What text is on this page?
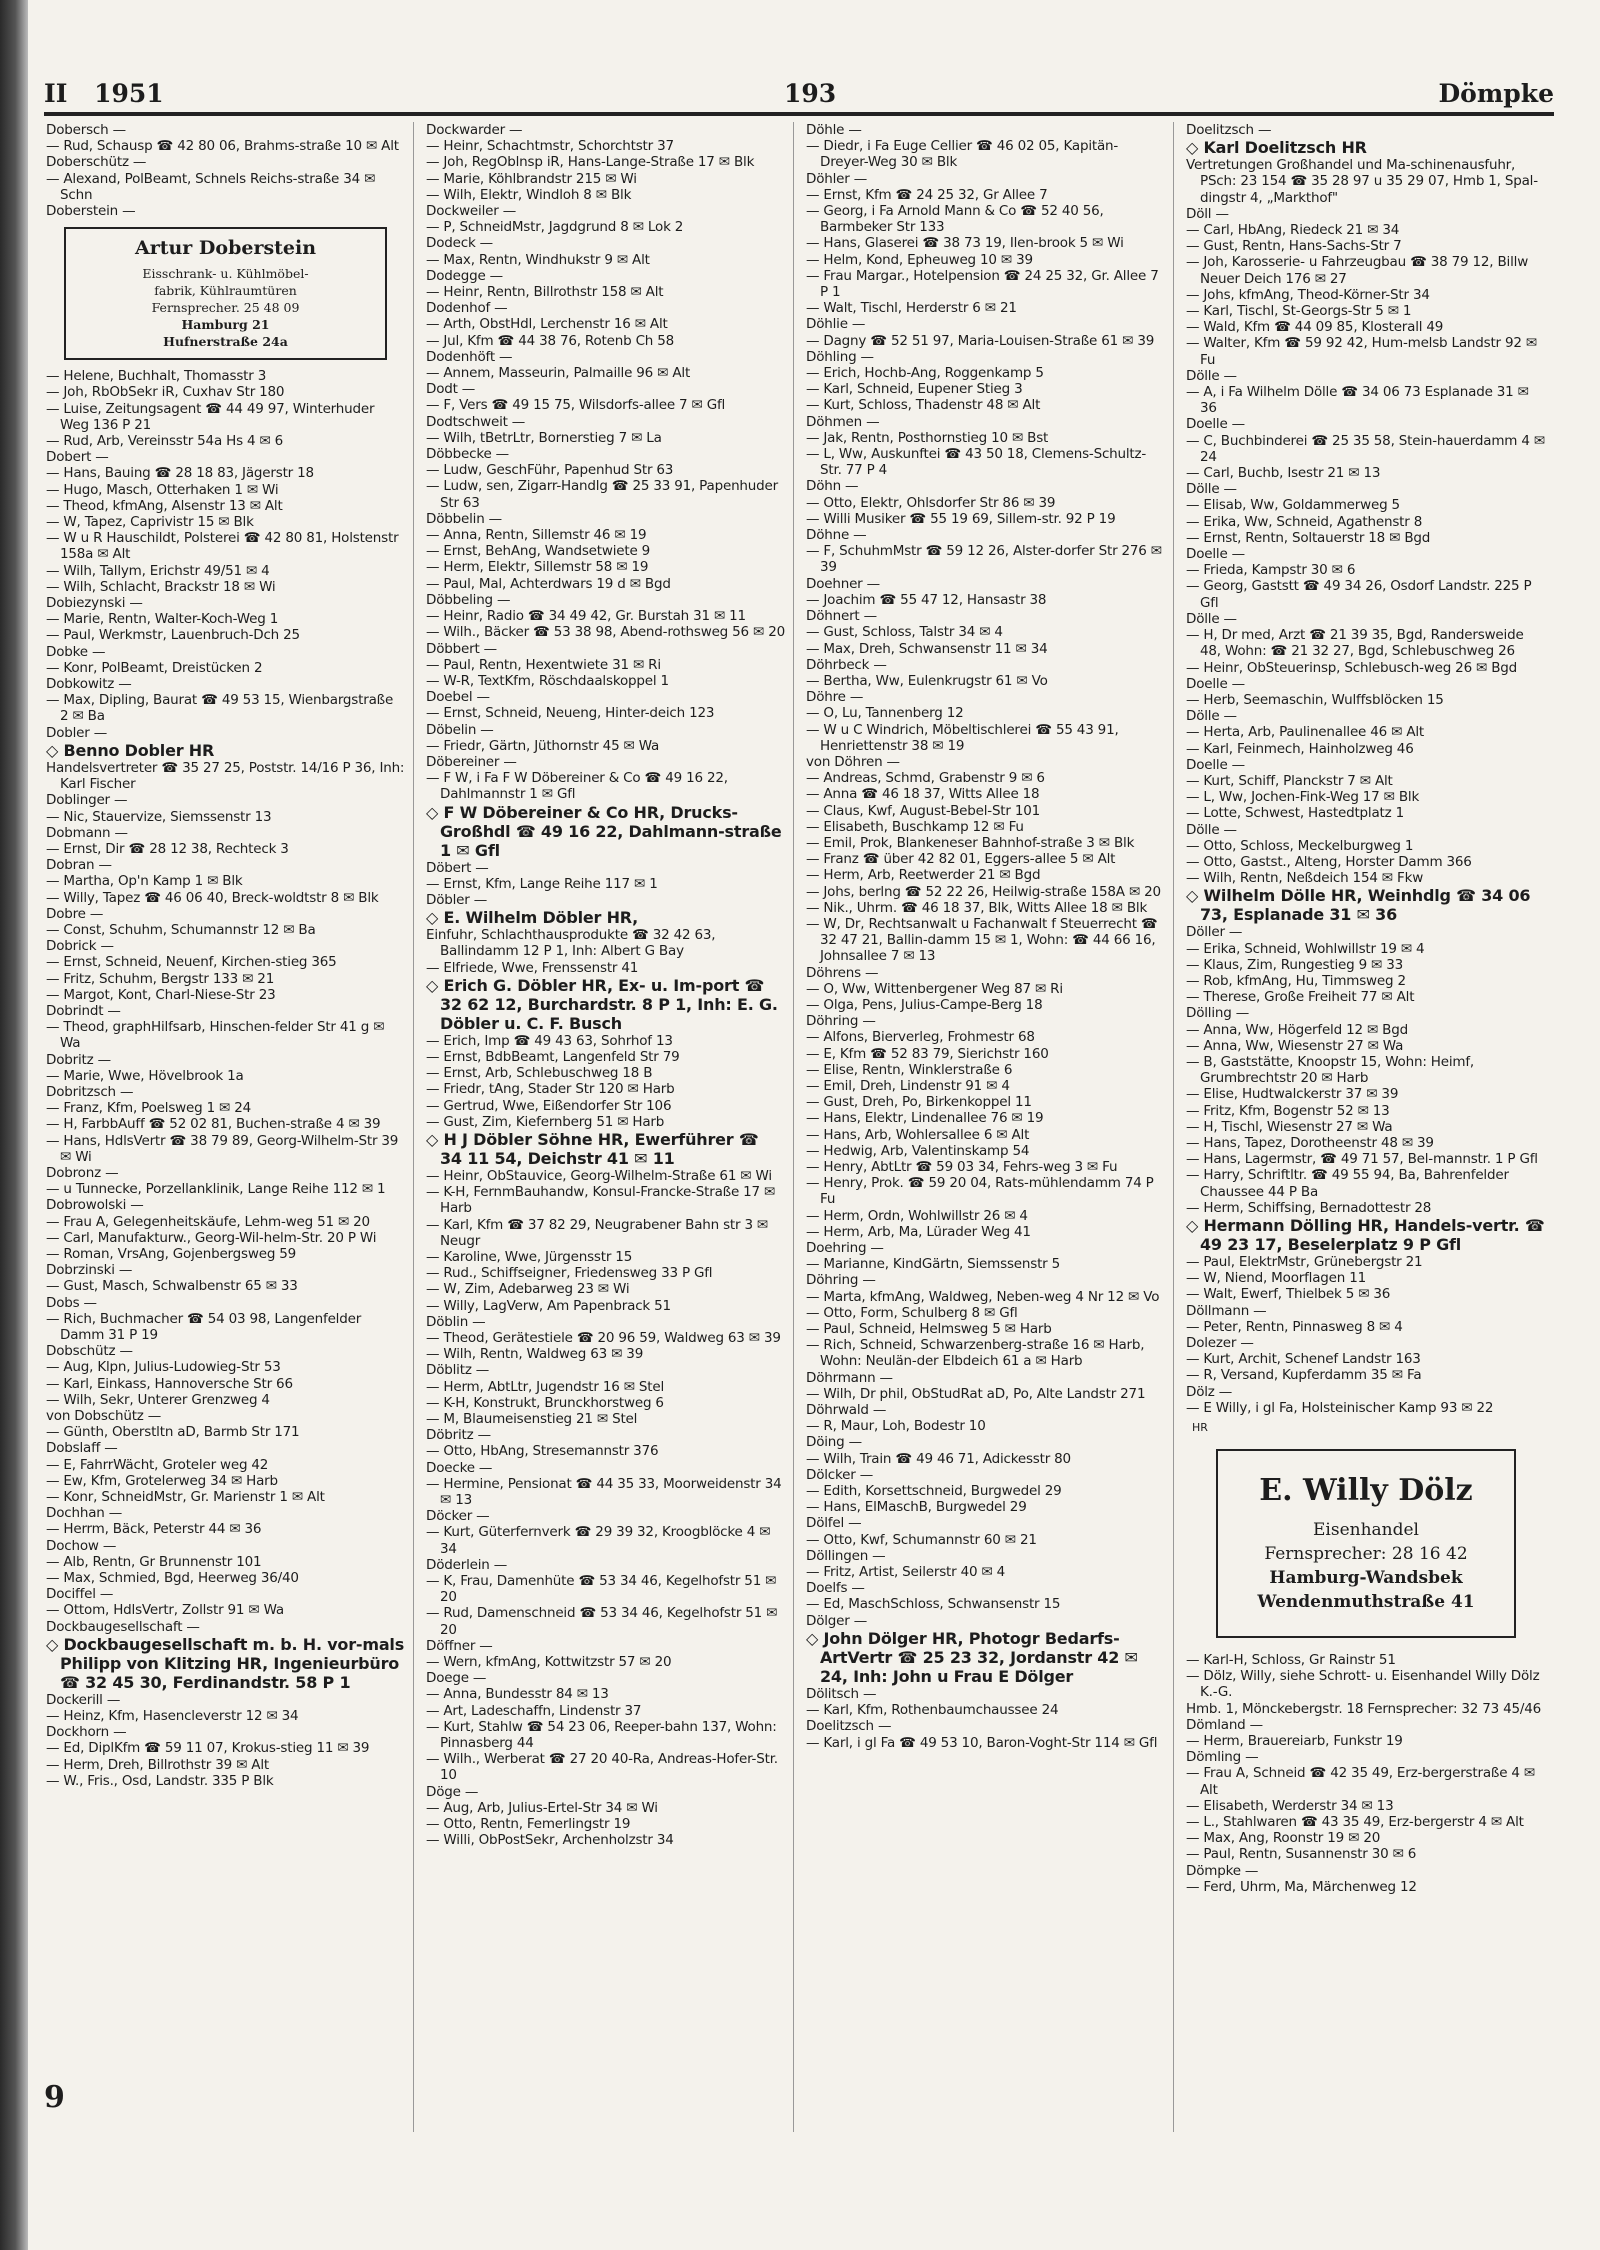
II 1951	193	Dömpke
Dobersch —
— Rud, Schausp ☎ 42 80 06, Brahms-straße 10 ✉ Alt
Doberschütz —
— Alexand, PolBeamt, Schnels Reichs-straße 34 ✉ Schn
Doberstein —
Artur Doberstein
Eisschrank- u. Kühlmöbel-
fabrik, Kühlraumtüren
Fernsprecher. 25 48 09
Hamburg 21
Hufnerstraße 24a
— Helene, Buchhalt, Thomasstr 3
— Joh, RbObSekr iR, Cuxhav Str 180
— Luise, Zeitungsagent ☎ 44 49 97, Winterhuder Weg 136 P 21
— Rud, Arb, Vereinsstr 54a Hs 4 ✉ 6
Dobert —
— Hans, Bauing ☎ 28 18 83, Jägerstr 18
— Hugo, Masch, Otterhaken 1 ✉ Wi
— Theod, kfmAng, Alsenstr 13 ✉ Alt
— W, Tapez, Caprivistr 15 ✉ Blk
— W u R Hauschildt, Polsterei ☎ 42 80 81, Holstenstr 158a ✉ Alt
— Wilh, Tallym, Erichstr 49/51 ✉ 4
— Wilh, Schlacht, Brackstr 18 ✉ Wi
Dobiezynski —
— Marie, Rentn, Walter-Koch-Weg 1
— Paul, Werkmstr, Lauenbruch-Dch 25
Dobke —
— Konr, PolBeamt, Dreistücken 2
Dobkowitz —
— Max, Dipling, Baurat ☎ 49 53 15, Wienbargstraße 2 ✉ Ba
Dobler —
◇ Benno Dobler HR
Handelsvertreter ☎ 35 27 25, Poststr. 14/16 P 36, Inh: Karl Fischer
Doblinger —
— Nic, Stauervize, Siemssenstr 13
Dobmann —
— Ernst, Dir ☎ 28 12 38, Rechteck 3
Dobran —
— Martha, Op'n Kamp 1 ✉ Blk
— Willy, Tapez ☎ 46 06 40, Breck-woldtstr 8 ✉ Blk
Dobre —
— Const, Schuhm, Schumannstr 12 ✉ Ba
Dobrick —
— Ernst, Schneid, Neuenf, Kirchen-stieg 365
— Fritz, Schuhm, Bergstr 133 ✉ 21
— Margot, Kont, Charl-Niese-Str 23
Dobrindt —
— Theod, graphHilfsarb, Hinschen-felder Str 41 g ✉ Wa
Dobritz —
— Marie, Wwe, Hövelbrook 1a
Dobritzsch —
— Franz, Kfm, Poelsweg 1 ✉ 24
— H, FarbbAuff ☎ 52 02 81, Buchen-straße 4 ✉ 39
— Hans, HdlsVertr ☎ 38 79 89, Georg-Wilhelm-Str 39 ✉ Wi
Dobronz —
— u Tunnecke, Porzellanklinik, Lange Reihe 112 ✉ 1
Dobrowolski —
— Frau A, Gelegenheitskäufe, Lehm-weg 51 ✉ 20
— Carl, Manufakturw., Georg-Wil-helm-Str. 20 P Wi
— Roman, VrsAng, Gojenbergsweg 59
Dobrzinski —
— Gust, Masch, Schwalbenstr 65 ✉ 33
Dobs —
— Rich, Buchmacher ☎ 54 03 98, Langenfelder Damm 31 P 19
Dobschütz —
— Aug, Klpn, Julius-Ludowieg-Str 53
— Karl, Einkass, Hannoversche Str 66
— Wilh, Sekr, Unterer Grenzweg 4
von Dobschütz —
— Günth, Oberstltn aD, Barmb Str 171
Dobslaff —
— E, FahrrWächt, Groteler weg 42
— Ew, Kfm, Grotelerweg 34 ✉ Harb
— Konr, SchneidMstr, Gr. Marienstr 1 ✉ Alt
Dochhan —
— Herrm, Bäck, Peterstr 44 ✉ 36
Dochow —
— Alb, Rentn, Gr Brunnenstr 101
— Max, Schmied, Bgd, Heerweg 36/40
Dociffel —
— Ottom, HdlsVertr, Zollstr 91 ✉ Wa
Dockbaugesellschaft —
◇ Dockbaugesellschaft m. b. H. vor-mals Philipp von Klitzing HR, Ingenieurbüro ☎ 32 45 30, Ferdinandstr. 58 P 1
Dockerill —
— Heinz, Kfm, Hasencleverstr 12 ✉ 34
Dockhorn —
— Ed, DiplKfm ☎ 59 11 07, Krokus-stieg 11 ✉ 39
— Herm, Dreh, Billrothstr 39 ✉ Alt
— W., Fris., Osd, Landstr. 335 P Blk
Dockwarder —
— Heinr, Schachtmstr, Schorchtstr 37
— Joh, RegOblnsp iR, Hans-Lange-Straße 17 ✉ Blk
— Marie, Köhlbrandstr 215 ✉ Wi
— Wilh, Elektr, Windloh 8 ✉ Blk
Dockweiler —
— P, SchneidMstr, Jagdgrund 8 ✉ Lok 2
Dodeck —
— Max, Rentn, Windhukstr 9 ✉ Alt
Dodegge —
— Heinr, Rentn, Billrothstr 158 ✉ Alt
Dodenhof —
— Arth, ObstHdl, Lerchenstr 16 ✉ Alt
— Jul, Kfm ☎ 44 38 76, Rotenb Ch 58
Dodenhöft —
— Annem, Masseurin, Palmaille 96 ✉ Alt
Dodt —
— F, Vers ☎ 49 15 75, Wilsdorfs-allee 7 ✉ Gfl
Dodtschweit —
— Wilh, tBetrLtr, Bornerstieg 7 ✉ La
Döbbecke —
— Ludw, GeschFühr, Papenhud Str 63
— Ludw, sen, Zigarr-Handlg ☎ 25 33 91, Papenhuder Str 63
Döbbelin —
— Anna, Rentn, Sillemstr 46 ✉ 19
— Ernst, BehAng, Wandsetwiete 9
— Herm, Elektr, Sillemstr 58 ✉ 19
— Paul, Mal, Achterdwars 19 d ✉ Bgd
Döbbeling —
— Heinr, Radio ☎ 34 49 42, Gr. Burstah 31 ✉ 11
— Wilh., Bäcker ☎ 53 38 98, Abend-rothsweg 56 ✉ 20
Döbbert —
— Paul, Rentn, Hexentwiete 31 ✉ Ri
— W-R, TextKfm, Röschdaalskoppel 1
Doebel —
— Ernst, Schneid, Neueng, Hinter-deich 123
Döbelin —
— Friedr, Gärtn, Jüthornstr 45 ✉ Wa
Döbereiner —
— F W, i Fa F W Döbereiner & Co ☎ 49 16 22, Dahlmannstr 1 ✉ Gfl
◇ F W Döbereiner & Co HR, Drucks-Großhdl ☎ 49 16 22, Dahlmann-straße 1 ✉ Gfl
Döbert —
— Ernst, Kfm, Lange Reihe 117 ✉ 1
Döbler —
◇ E. Wilhelm Döbler HR,
Einfuhr, Schlachthausprodukte ☎ 32 42 63, Ballindamm 12 P 1, Inh: Albert G Bay
— Elfriede, Wwe, Frenssenstr 41
◇ Erich G. Döbler HR, Ex- u. Im-port ☎ 32 62 12, Burchardstr. 8 P 1, Inh: E. G. Döbler u. C. F. Busch
— Erich, Imp ☎ 49 43 63, Sohrhof 13
— Ernst, BdbBeamt, Langenfeld Str 79
— Ernst, Arb, Schlebuschweg 18 B
— Friedr, tAng, Stader Str 120 ✉ Harb
— Gertrud, Wwe, Eißendorfer Str 106
— Gust, Zim, Kiefernberg 51 ✉ Harb
◇ H J Döbler Söhne HR, Ewerführer ☎ 34 11 54, Deichstr 41 ✉ 11
— Heinr, ObStauvice, Georg-Wilhelm-Straße 61 ✉ Wi
— K-H, FernmBauhandw, Konsul-Francke-Straße 17 ✉ Harb
— Karl, Kfm ☎ 37 82 29, Neugrabener Bahn str 3 ✉ Neugr
— Karoline, Wwe, Jürgensstr 15
— Rud., Schiffseigner, Friedensweg 33 P Gfl
— W, Zim, Adebarweg 23 ✉ Wi
— Willy, LagVerw, Am Papenbrack 51
Döblin —
— Theod, Gerätestiele ☎ 20 96 59, Waldweg 63 ✉ 39
— Wilh, Rentn, Waldweg 63 ✉ 39
Döblitz —
— Herm, AbtLtr, Jugendstr 16 ✉ Stel
— K-H, Konstrukt, Brunckhorstweg 6
— M, Blaumeisenstieg 21 ✉ Stel
Döbritz —
— Otto, HbAng, Stresemannstr 376
Doecke —
— Hermine, Pensionat ☎ 44 35 33, Moorweidenstr 34 ✉ 13
Döcker —
— Kurt, Güterfernverk ☎ 29 39 32, Kroogblöcke 4 ✉ 34
Döderlein —
— K, Frau, Damenhüte ☎ 53 34 46, Kegelhofstr 51 ✉ 20
— Rud, Damenschneid ☎ 53 34 46, Kegelhofstr 51 ✉ 20
Döffner —
— Wern, kfmAng, Kottwitzstr 57 ✉ 20
Doege —
— Anna, Bundesstr 84 ✉ 13
— Art, Ladeschaffn, Lindenstr 37
— Kurt, Stahlw ☎ 54 23 06, Reeper-bahn 137, Wohn: Pinnasberg 44
— Wilh., Werberat ☎ 27 20 40-Ra, Andreas-Hofer-Str. 10
Döge —
— Aug, Arb, Julius-Ertel-Str 34 ✉ Wi
— Otto, Rentn, Femerlingstr 19
— Willi, ObPostSekr, Archenholzstr 34
Döhle —
— Diedr, i Fa Euge Cellier ☎ 46 02 05, Kapitän-Dreyer-Weg 30 ✉ Blk
Döhler —
— Ernst, Kfm ☎ 24 25 32, Gr Allee 7
— Georg, i Fa Arnold Mann & Co ☎ 52 40 56, Barmbeker Str 133
— Hans, Glaserei ☎ 38 73 19, Ilen-brook 5 ✉ Wi
— Helm, Kond, Epheuweg 10 ✉ 39
— Frau Margar., Hotelpension ☎ 24 25 32, Gr. Allee 7 P 1
— Walt, Tischl, Herderstr 6 ✉ 21
Döhlie —
— Dagny ☎ 52 51 97, Maria-Louisen-Straße 61 ✉ 39
Döhling —
— Erich, Hochb-Ang, Roggenkamp 5
— Karl, Schneid, Eupener Stieg 3
— Kurt, Schloss, Thadenstr 48 ✉ Alt
Döhmen —
— Jak, Rentn, Posthornstieg 10 ✉ Bst
— L, Ww, Auskunftei ☎ 43 50 18, Clemens-Schultz-Str. 77 P 4
Döhn —
— Otto, Elektr, Ohlsdorfer Str 86 ✉ 39
— Willi Musiker ☎ 55 19 69, Sillem-str. 92 P 19
Döhne —
— F, SchuhmMstr ☎ 59 12 26, Alster-dorfer Str 276 ✉ 39
Doehner —
— Joachim ☎ 55 47 12, Hansastr 38
Döhnert —
— Gust, Schloss, Talstr 34 ✉ 4
— Max, Dreh, Schwansenstr 11 ✉ 34
Döhrbeck —
— Bertha, Ww, Eulenkrugstr 61 ✉ Vo
Döhre —
— O, Lu, Tannenberg 12
— W u C Windrich, Möbeltischlerei ☎ 55 43 91, Henriettenstr 38 ✉ 19
von Döhren —
— Andreas, Schmd, Grabenstr 9 ✉ 6
— Anna ☎ 46 18 37, Witts Allee 18
— Claus, Kwf, August-Bebel-Str 101
— Elisabeth, Buschkamp 12 ✉ Fu
— Emil, Prok, Blankeneser Bahnhof-straße 3 ✉ Blk
— Franz ☎ über 42 82 01, Eggers-allee 5 ✉ Alt
— Herm, Arb, Reetwerder 21 ✉ Bgd
— Johs, berlng ☎ 52 22 26, Heilwig-straße 158A ✉ 20
— Nik., Uhrm. ☎ 46 18 37, Blk, Witts Allee 18 ✉ Blk
— W, Dr, Rechtsanwalt u Fachanwalt f Steuerrecht ☎ 32 47 21, Ballin-damm 15 ✉ 1, Wohn: ☎ 44 66 16, Johnsallee 7 ✉ 13
Döhrens —
— O, Ww, Wittenbergener Weg 87 ✉ Ri
— Olga, Pens, Julius-Campe-Berg 18
Döhring —
— Alfons, Bierverleg, Frohmestr 68
— E, Kfm ☎ 52 83 79, Sierichstr 160
— Elise, Rentn, Winklerstraße 6
— Emil, Dreh, Lindenstr 91 ✉ 4
— Gust, Dreh, Po, Birkenkoppel 11
— Hans, Elektr, Lindenallee 76 ✉ 19
— Hans, Arb, Wohlersallee 6 ✉ Alt
— Hedwig, Arb, Valentinskamp 54
— Henry, AbtLtr ☎ 59 03 34, Fehrs-weg 3 ✉ Fu
— Henry, Prok. ☎ 59 20 04, Rats-mühlendamm 74 P Fu
— Herm, Ordn, Wohlwillstr 26 ✉ 4
— Herm, Arb, Ma, Lürader Weg 41
Doehring —
— Marianne, KindGärtn, Siemssenstr 5
Döhring —
— Marta, kfmAng, Waldweg, Neben-weg 4 Nr 12 ✉ Vo
— Otto, Form, Schulberg 8 ✉ Gfl
— Paul, Schneid, Helmsweg 5 ✉ Harb
— Rich, Schneid, Schwarzenberg-straße 16 ✉ Harb, Wohn: Neulän-der Elbdeich 61 a ✉ Harb
Döhrmann —
— Wilh, Dr phil, ObStudRat aD, Po, Alte Landstr 271
Döhrwald —
— R, Maur, Loh, Bodestr 10
Döing —
— Wilh, Train ☎ 49 46 71, Adickesstr 80
Dölcker —
— Edith, Korsettschneid, Burgwedel 29
— Hans, ElMaschB, Burgwedel 29
Dölfel —
— Otto, Kwf, Schumannstr 60 ✉ 21
Döllingen —
— Fritz, Artist, Seilerstr 40 ✉ 4
Doelfs —
— Ed, MaschSchloss, Schwansenstr 15
Dölger —
◇ John Dölger HR, Photogr Bedarfs-ArtVertr ☎ 25 23 32, Jordanstr 42 ✉ 24, Inh: John u Frau E Dölger
Dölitsch —
— Karl, Kfm, Rothenbaumchaussee 24
Doelitzsch —
— Karl, i gl Fa ☎ 49 53 10, Baron-Voght-Str 114 ✉ Gfl
Doelitzsch —
◇ Karl Doelitzsch HR
Vertretungen Großhandel und Ma-schinenausfuhr, PSch: 23 154 ☎ 35 28 97 u 35 29 07, Hmb 1, Spal-dingstr 4, „Markthof"
Döll —
— Carl, HbAng, Riedeck 21 ✉ 34
— Gust, Rentn, Hans-Sachs-Str 7
— Joh, Karosserie- u Fahrzeugbau ☎ 38 79 12, Billw Neuer Deich 176 ✉ 27
— Johs, kfmAng, Theod-Körner-Str 34
— Karl, Tischl, St-Georgs-Str 5 ✉ 1
— Wald, Kfm ☎ 44 09 85, Klosterall 49
— Walter, Kfm ☎ 59 92 42, Hum-melsb Landstr 92 ✉ Fu
Dölle —
— A, i Fa Wilhelm Dölle ☎ 34 06 73 Esplanade 31 ✉ 36
Doelle —
— C, Buchbinderei ☎ 25 35 58, Stein-hauerdamm 4 ✉ 24
— Carl, Buchb, Isestr 21 ✉ 13
Dölle —
— Elisab, Ww, Goldammerweg 5
— Erika, Ww, Schneid, Agathenstr 8
— Ernst, Rentn, Soltauerstr 18 ✉ Bgd
Doelle —
— Frieda, Kampstr 30 ✉ 6
— Georg, Gaststt ☎ 49 34 26, Osdorf Landstr. 225 P Gfl
Dölle —
— H, Dr med, Arzt ☎ 21 39 35, Bgd, Randersweide 48, Wohn: ☎ 21 32 27, Bgd, Schlebuschweg 26
— Heinr, ObSteuerinsp, Schlebusch-weg 26 ✉ Bgd
Doelle —
— Herb, Seemaschin, Wulffsblöcken 15
Dölle —
— Herta, Arb, Paulinenallee 46 ✉ Alt
— Karl, Feinmech, Hainholzweg 46
Doelle —
— Kurt, Schiff, Planckstr 7 ✉ Alt
— L, Ww, Jochen-Fink-Weg 17 ✉ Blk
— Lotte, Schwest, Hastedtplatz 1
Dölle —
— Otto, Schloss, Meckelburgweg 1
— Otto, Gastst., Alteng, Horster Damm 366
— Wilh, Rentn, Neßdeich 154 ✉ Fkw
◇ Wilhelm Dölle HR, Weinhdlg ☎ 34 06 73, Esplanade 31 ✉ 36
Döller —
— Erika, Schneid, Wohlwillstr 19 ✉ 4
— Klaus, Zim, Rungestieg 9 ✉ 33
— Rob, kfmAng, Hu, Timmsweg 2
— Therese, Große Freiheit 77 ✉ Alt
Dölling —
— Anna, Ww, Högerfeld 12 ✉ Bgd
— Anna, Ww, Wiesenstr 27 ✉ Wa
— B, Gaststätte, Knoopstr 15, Wohn: Heimf, Grumbrechtstr 20 ✉ Harb
— Elise, Hudtwalckerstr 37 ✉ 39
— Fritz, Kfm, Bogenstr 52 ✉ 13
— H, Tischl, Wiesenstr 27 ✉ Wa
— Hans, Tapez, Dorotheenstr 48 ✉ 39
— Hans, Lagermstr, ☎ 49 71 57, Bel-mannstr. 1 P Gfl
— Harry, Schriftltr. ☎ 49 55 94, Ba, Bahrenfelder Chaussee 44 P Ba
— Herm, Schiffsing, Bernadottestr 28
◇ Hermann Dölling HR, Handels-vertr. ☎ 49 23 17, Beselerplatz 9 P Gfl
— Paul, ElektrMstr, Grünebergstr 21
— W, Niend, Moorflagen 11
— Walt, Ewerf, Thielbek 5 ✉ 36
Döllmann —
— Peter, Rentn, Pinnasweg 8 ✉ 4
Dolezer —
— Kurt, Archit, Schenef Landstr 163
— R, Versand, Kupferdamm 35 ✉ Fa
Dölz —
— E Willy, i gl Fa, Holsteinischer Kamp 93 ✉ 22
HR
E. Willy Dölz
Eisenhandel
Fernsprecher: 28 16 42
Hamburg-Wandsbek
Wendenmuthstraße 41
— Karl-H, Schloss, Gr Rainstr 51
— Dölz, Willy, siehe Schrott- u. Eisenhandel Willy Dölz K.-G.
Hmb. 1, Mönckebergstr. 18 Fernsprecher: 32 73 45/46
Dömland —
— Herm, Brauereiarb, Funkstr 19
Dömling —
— Frau A, Schneid ☎ 42 35 49, Erz-bergerstraße 4 ✉ Alt
— Elisabeth, Werderstr 34 ✉ 13
— L., Stahlwaren ☎ 43 35 49, Erz-bergerstr 4 ✉ Alt
— Max, Ang, Roonstr 19 ✉ 20
— Paul, Rentn, Susannenstr 30 ✉ 6
Dömpke —
— Ferd, Uhrm, Ma, Märchenweg 12
9
